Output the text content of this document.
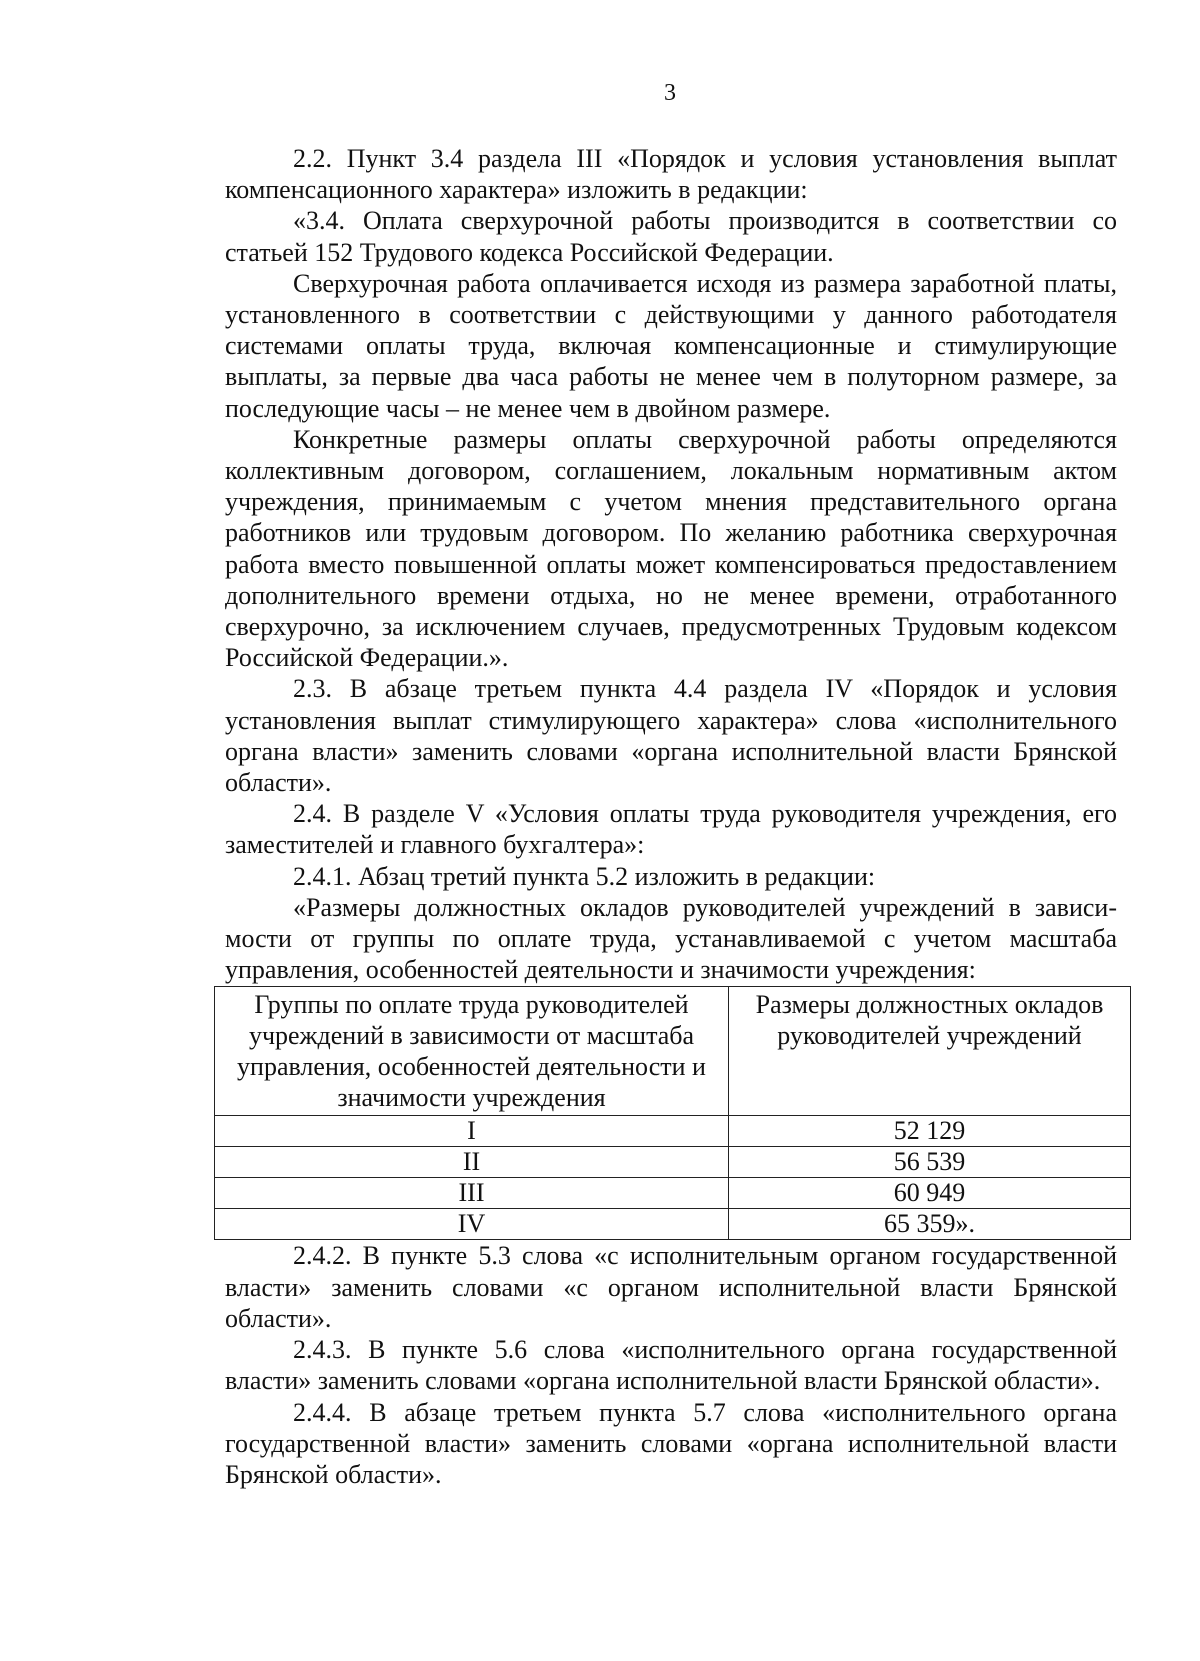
3

2.2. Пункт 3.4 раздела III «Порядок и условия установления выплат компенсационного характера» изложить в редакции:

«3.4. Оплата сверхурочной работы производится в соответствии со статьей 152 Трудового кодекса Российской Федерации.

Сверхурочная работа оплачивается исходя из размера заработной платы, установленного в соответствии с действующими у данного работодателя системами оплаты труда, включая компенсационные и стимулирующие выплаты, за первые два часа работы не менее чем в полуторном размере, за последующие часы – не менее чем в двойном размере.

Конкретные размеры оплаты сверхурочной работы определяются коллективным договором, соглашением, локальным нормативным актом учреждения, принимаемым с учетом мнения представительного органа работников или трудовым договором. По желанию работника сверхурочная работа вместо повышенной оплаты может компенсироваться предоставлением дополнительного времени отдыха, но не менее времени, отработанного сверхурочно, за исключением случаев, предусмотренных Трудовым кодексом Российской Федерации.».

2.3. В абзаце третьем пункта 4.4 раздела IV «Порядок и условия установления выплат стимулирующего характера» слова «исполнительного органа власти» заменить словами «органа исполнительной власти Брянской области».

2.4. В разделе V «Условия оплаты труда руководителя учреждения, его заместителей и главного бухгалтера»:

2.4.1. Абзац третий пункта 5.2 изложить в редакции:

«Размеры должностных окладов руководителей учреждений в зависимости от группы по оплате труда, устанавливаемой с учетом масштаба управления, особенностей деятельности и значимости учреждения:

Группы по оплате труда руководителей учреждений в зависимости от масштаба управления, особенностей деятельности и значимости учреждения	Размеры должностных окладов руководителей учреждений
I	52 129
II	56 539
III	60 949
IV	65 359».

2.4.2. В пункте 5.3 слова «с исполнительным органом государственной власти» заменить словами «с органом исполнительной власти Брянской области».

2.4.3. В пункте 5.6 слова «исполнительного органа государственной власти» заменить словами «органа исполнительной власти Брянской области».

2.4.4. В абзаце третьем пункта 5.7 слова «исполнительного органа государственной власти» заменить словами «органа исполнительной власти Брянской области».
